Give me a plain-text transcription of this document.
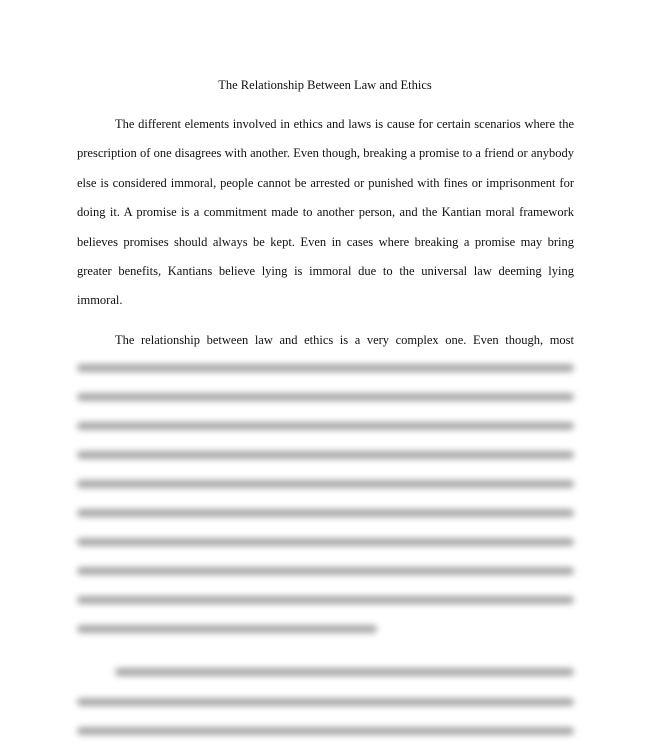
The Relationship Between Law and Ethics

The different elements involved in ethics and laws is cause for certain scenarios where the prescription of one disagrees with another. Even though, breaking a promise to a friend or anybody else is considered immoral, people cannot be arrested or punished with fines or imprisonment for doing it. A promise is a commitment made to another person, and the Kantian moral framework believes promises should always be kept. Even in cases where breaking a promise may bring greater benefits, Kantians believe lying is immoral due to the universal law deeming lying immoral.

The relationship between law and ethics is a very complex one. Even though, most
